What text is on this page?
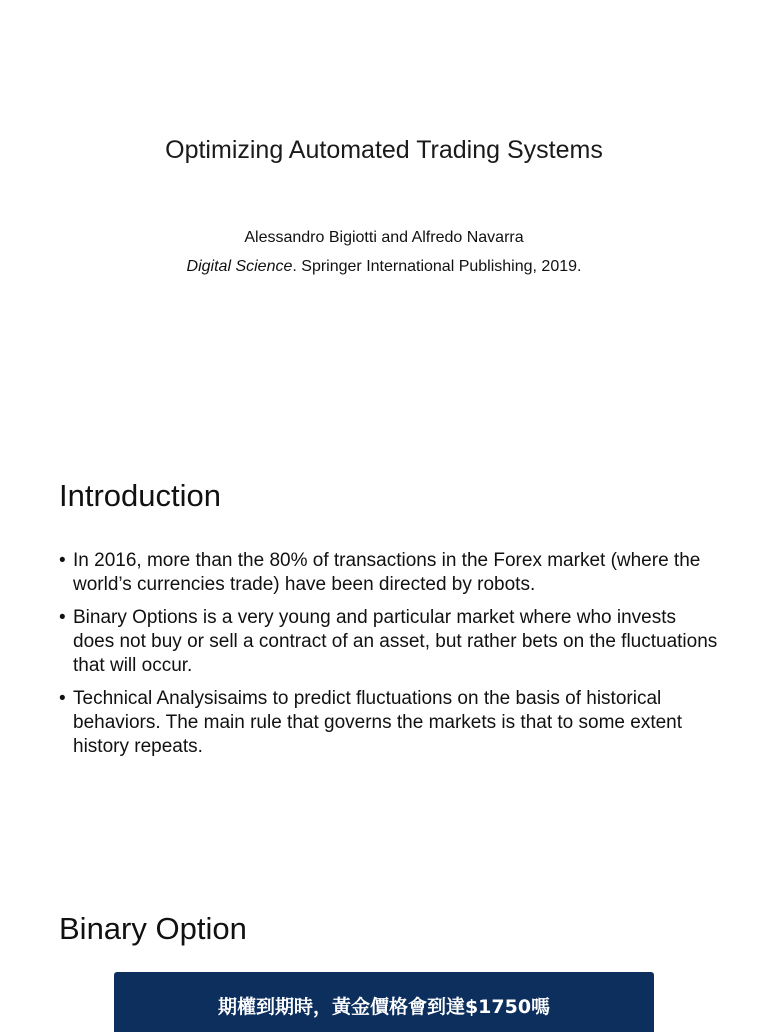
Optimizing Automated Trading Systems

Alessandro Bigiotti and Alfredo Navarra

Digital Science. Springer International Publishing, 2019.

Introduction
• In 2016, more than the 80% of transactions in the Forex market (where the world’s currencies trade) have been directed by robots.
• Binary Options is a very young and particular market where who invests does not buy or sell a contract of an asset, but rather bets on the fluctuations that will occur.
• Technical Analysisaims to predict fluctuations on the basis of historical behaviors. The main rule that governs the markets is that to some extent history repeats.
Binary Option

期權到期時，黃金價格會到達$1750嗎
